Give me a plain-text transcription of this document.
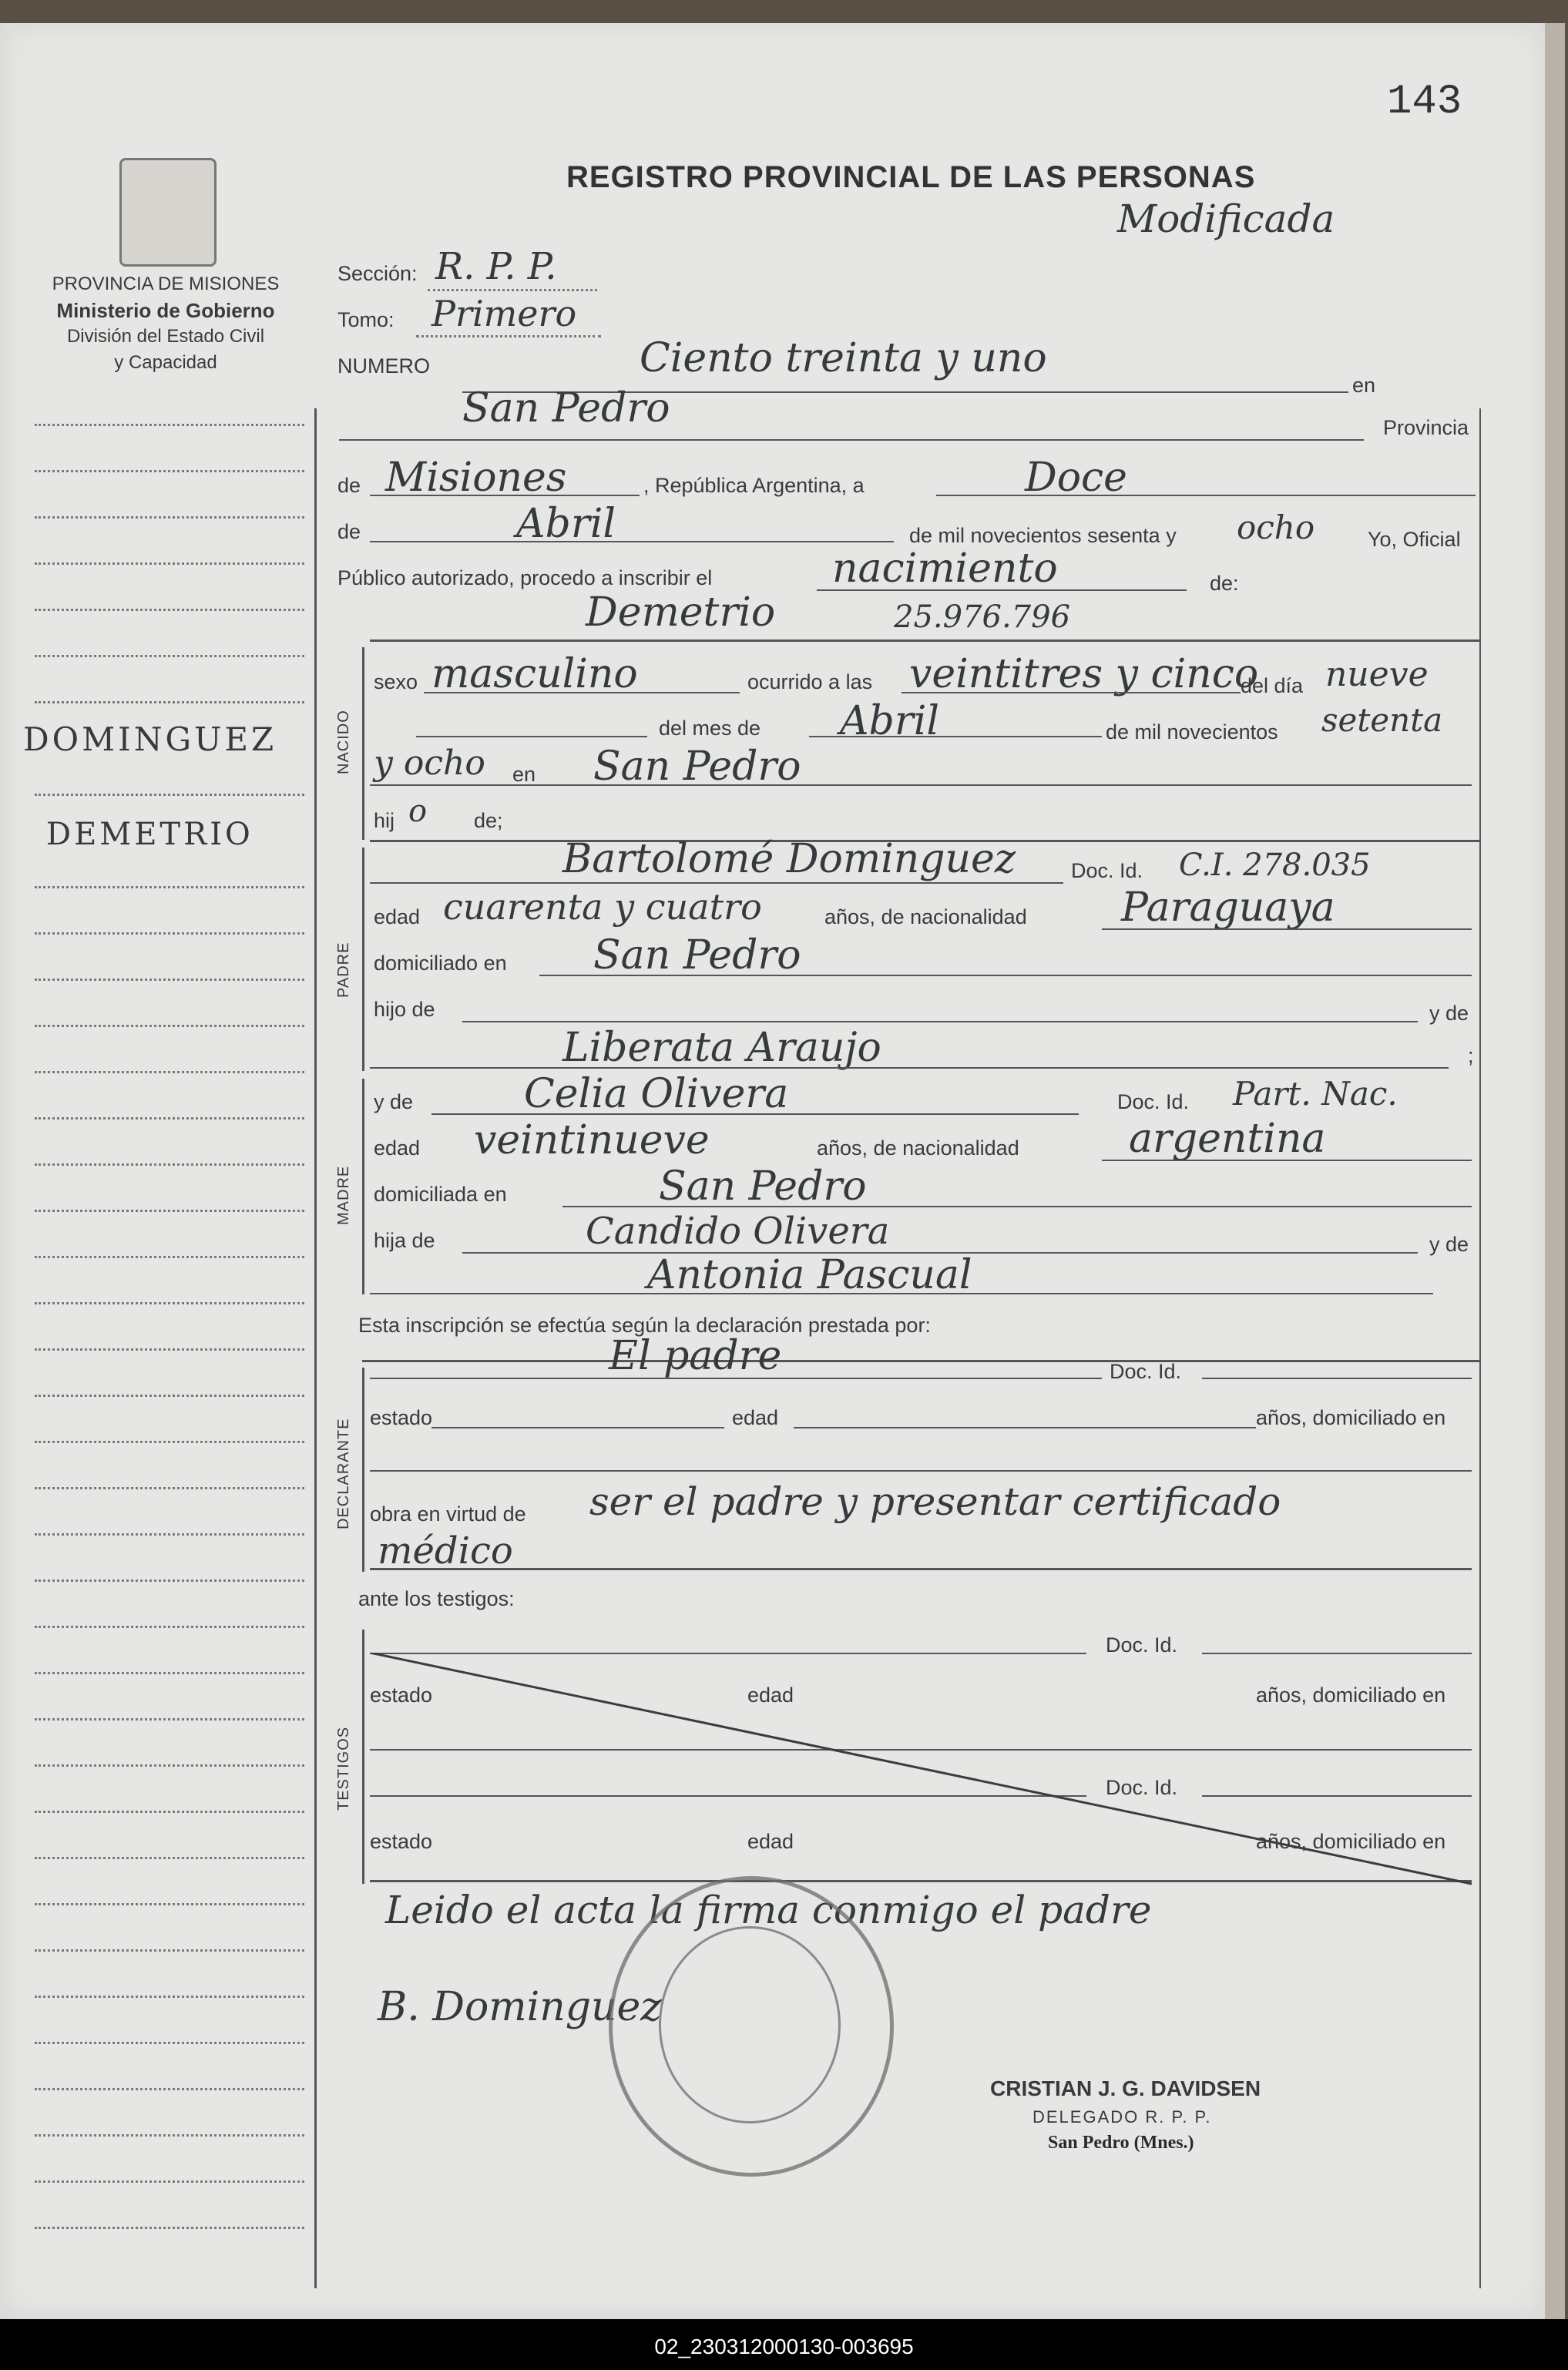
143
REGISTRO PROVINCIAL DE LAS PERSONAS
Modificada
PROVINCIA DE MISIONES
Ministerio de Gobierno
División del Estado Civil
y Capacidad
DOMINGUEZ
DEMETRIO
Sección: R. P. P.
Tomo: Primero
NUMERO	Ciento treinta y uno
en
San Pedro	Provincia
de Misiones	, República Argentina, a	Doce
de	Abril	de mil novecientos sesenta y ocho	Yo, Oficial
Público autorizado, procedo a inscribir el	nacimiento	de:
Demetrio	25.976.796
NACIDO
sexo masculino	ocurrido a las veintitres y cinco
del día nueve
del mes de Abril	de mil novecientos setenta
y ocho en San Pedro
hij o de;
PADRE
Bartolomé Dominguez	Doc. Id. C.I. 278.035
edad cuarenta y cuatro	años, de nacionalidad Paraguaya
domiciliado en San Pedro
hijo de	y de
Liberata Araujo	;
MADRE
y de	Celia Olivera	Doc. Id. Part. Nac.
edad veintinueve	años, de nacionalidad	argentina
domiciliada en	San Pedro
hija de	Candido Olivera	y de
Antonia Pascual
Esta inscripción se efectúa según la declaración prestada por:
DECLARANTE
El padre	Doc. Id.
estado	edad	años, domiciliado en
obra en virtud de ser el padre y presentar certificado
médico
ante los testigos:
TESTIGOS
Doc. Id.
estado	edad	años, domiciliado en
Doc. Id.
estado	edad	años, domiciliado en
Leido el acta la firma conmigo el padre
B. Dominguez
CRISTIAN J. G. DAVIDSEN
DELEGADO R. P. P.
San Pedro (Mnes.)
02_230312000130-003695
